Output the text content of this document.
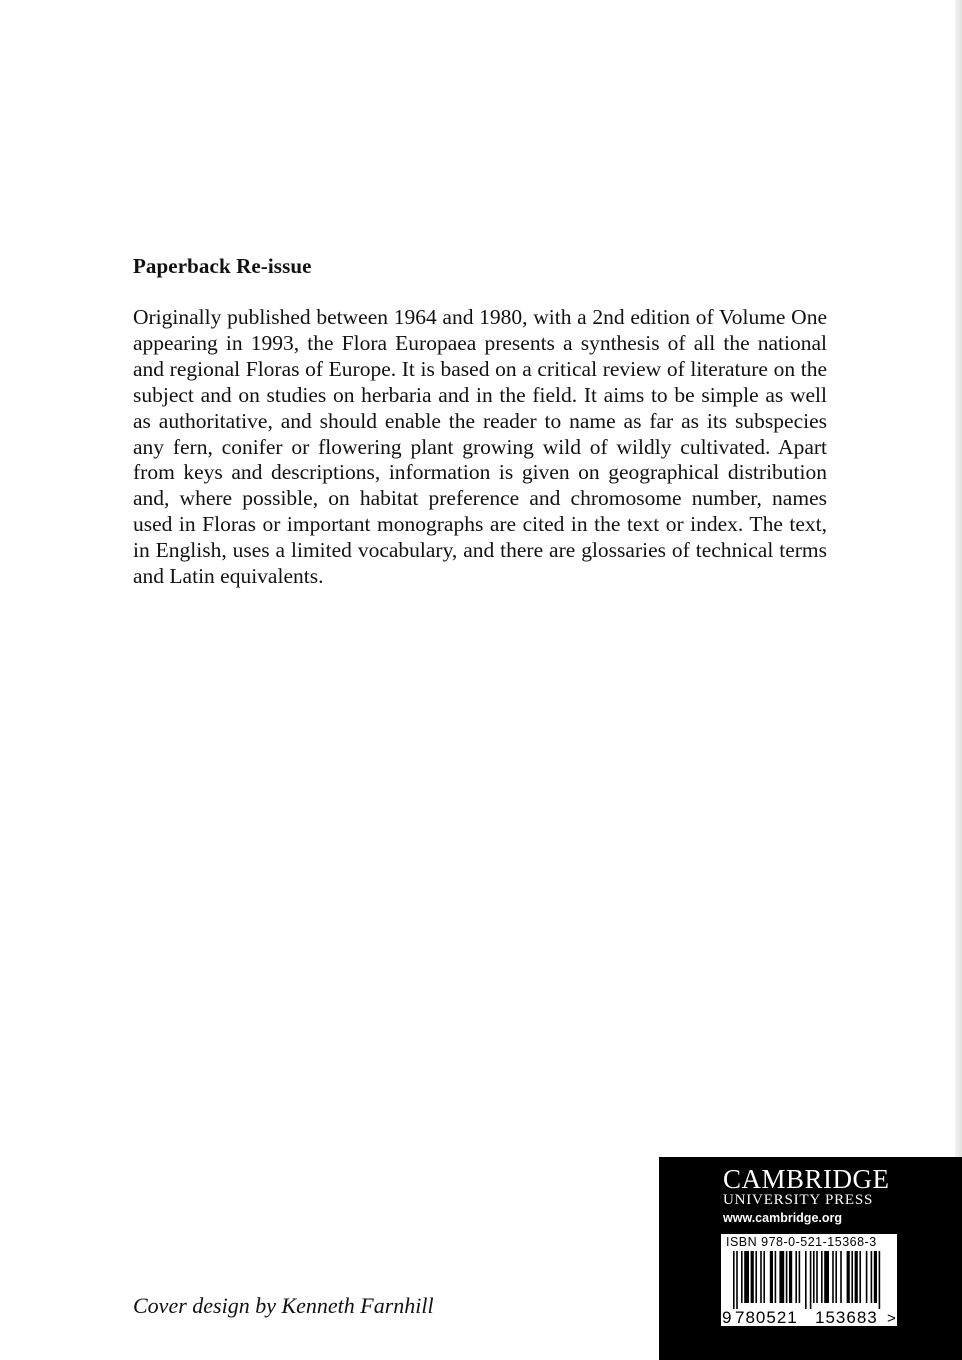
Paperback Re-issue

Originally published between 1964 and 1980, with a 2nd edition of Volume One appearing in 1993, the Flora Europaea presents a synthesis of all the national and regional Floras of Europe. It is based on a critical review of literature on the subject and on studies on herbaria and in the field. It aims to be simple as well as authoritative, and should enable the reader to name as far as its subspecies any fern, conifer or flowering plant growing wild of wildly cultivated. Apart from keys and descriptions, information is given on geographical distribution and, where possible, on habitat preference and chromosome number, names used in Floras or important monographs are cited in the text or index. The text, in English, uses a limited vocabulary, and there are glossaries of technical terms and Latin equivalents.

Cover design by Kenneth Farnhill

CAMBRIDGE

UNIVERSITY PRESS

www.cambridge.org

ISBN 978-0-521-15368-3

9 780521 153683 >
